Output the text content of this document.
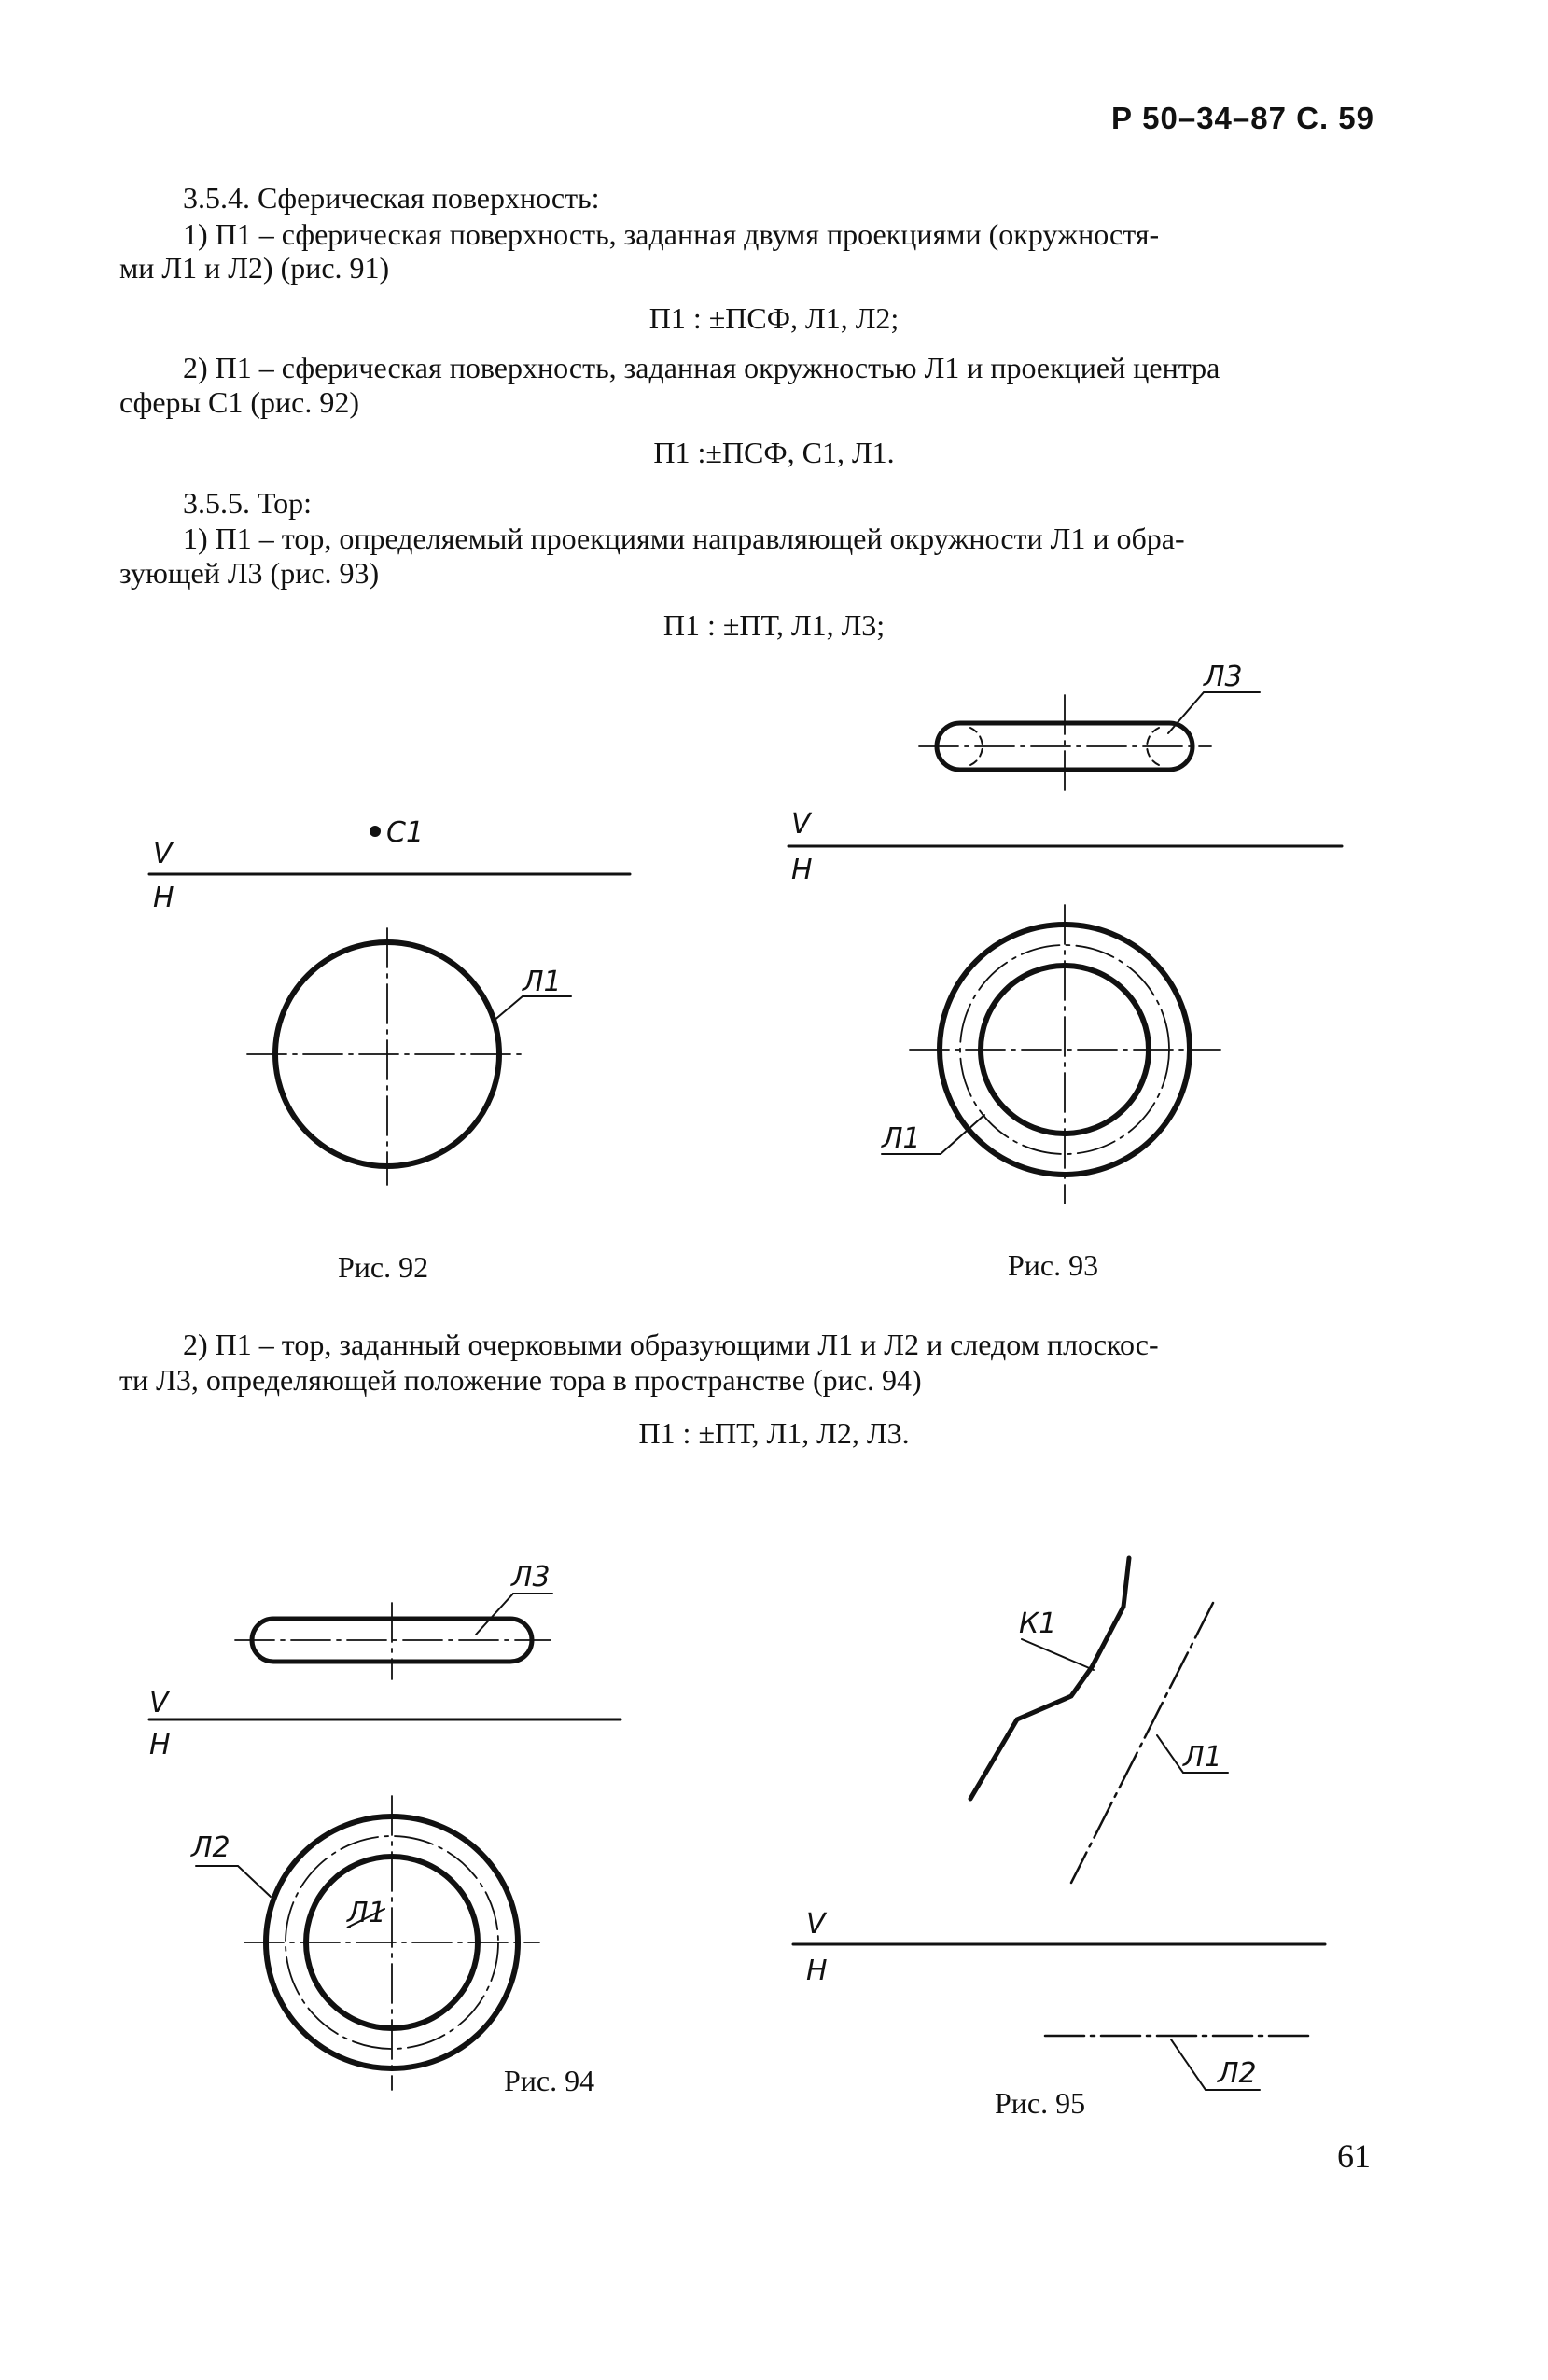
Р 50–34–87 С. 59
3.5.4. Сферическая поверхность:
1) П1 – сферическая поверхность, заданная двумя проекциями (окружностя-
ми Л1 и Л2) (рис. 91)
П1 : ±ПСФ, Л1, Л2;
2) П1 – сферическая поверхность, заданная окружностью Л1 и проекцией центра
сферы С1 (рис. 92)
П1 :±ПСФ, С1, Л1.
3.5.5. Тор:
1) П1 – тор, определяемый проекциями направляющей окружности Л1 и обра-
зующей Л3 (рис. 93)
П1 : ±ПТ, Л1, Л3;
2) П1 – тор, заданный очерковыми образующими Л1 и Л2 и следом плоскос-
ти Л3, определяющей положение тора в пространстве (рис. 94)
П1 : ±ПТ, Л1, Л2, Л3.
Рис. 92	Рис. 93
Рис. 94
Рис. 95
61
V
H
С1
Л1
Л3
V
H
Л1
Л3
V
H
Л2
Л1
К1
Л1
V
H
Л2
